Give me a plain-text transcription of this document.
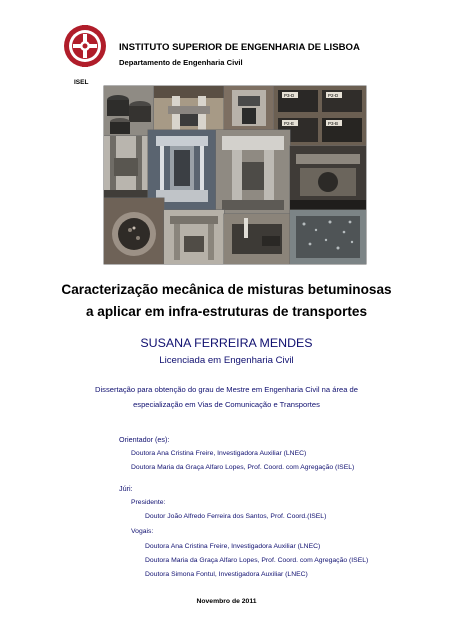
ISEL
INSTITUTO SUPERIOR DE ENGENHARIA DE LISBOA
Departamento de Engenharia Civil
P3-D	P2-D
P2-E	P3-B
Caracterização mecânica de misturas betuminosas
a aplicar em infra-estruturas de transportes
SUSANA FERREIRA MENDES
Licenciada em Engenharia Civil
Dissertação para obtenção do grau de Mestre em Engenharia Civil na área de
especialização em Vias de Comunicação e Transportes
Orientador (es):
Doutora Ana Cristina Freire, Investigadora Auxiliar (LNEC)
Doutora Maria da Graça Alfaro Lopes, Prof. Coord. com Agregação (ISEL)
Júri:
Presidente:
Doutor João Alfredo Ferreira dos Santos, Prof. Coord.(ISEL)
Vogais:
Doutora Ana Cristina Freire, Investigadora Auxiliar (LNEC)
Doutora Maria da Graça Alfaro Lopes, Prof. Coord. com Agregação (ISEL)
Doutora Simona Fontul, Investigadora Auxiliar (LNEC)
Novembro de 2011
